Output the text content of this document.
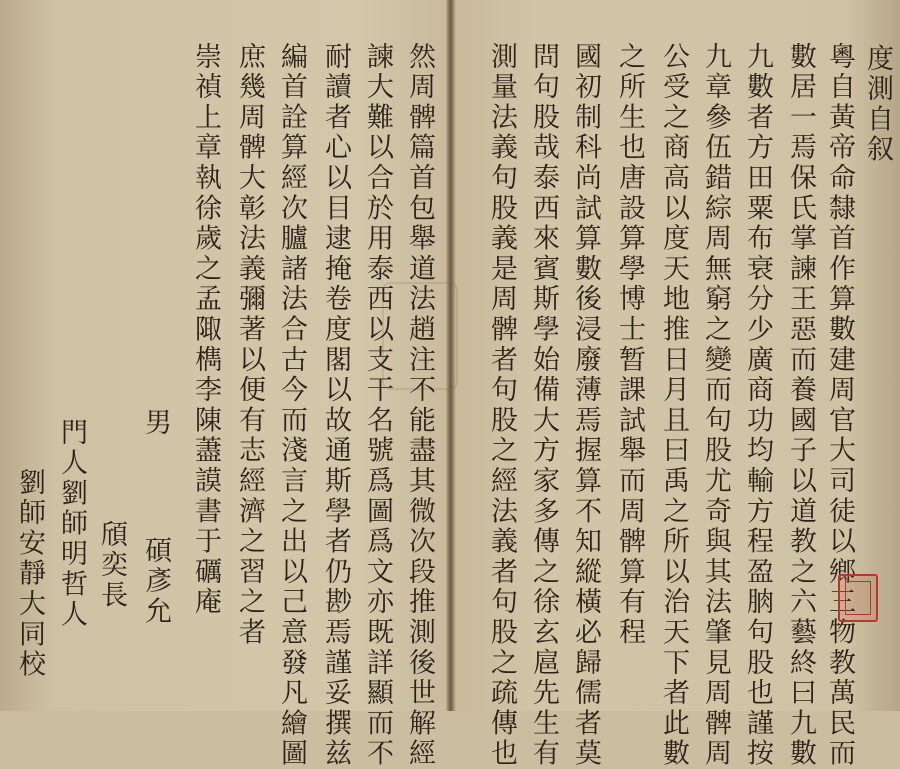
度測自叙
粵自黃帝命隸首作算數建周官大司徒以鄉三物教萬民而
數居一焉保氏掌諫王惡而養國子以道教之六藝終曰九數
九數者方田粟布衰分少廣商功均輸方程盈朒句股也謹按
九章參伍錯綜周無窮之變而句股尤奇與其法肇見周髀周
公受之商高以度天地推日月且曰禹之所以治天下者此數
之所生也唐設算學博士暂課試舉而周髀算有程
國初制科尚試算數後浸廢薄焉握算不知縱橫必歸儒者莫
問句股哉泰西來賓斯學始備大方家多傳之徐玄扈先生有
測量法義句股義是周髀者句股之經法義者句股之疏傳也
然周髀篇首包舉道法趙注不能盡其微次段推測後世解經
諫大難以合於用泰西以支干名號爲圖爲文亦既詳顯而不
耐讀者心以目逮掩卷度閣以故通斯學者仍尠焉謹妥撰兹
編首詮算經次臚諸法合古今而淺言之出以己意發凡繪圖
庶幾周髀大彰法義彌著以便有志經濟之習之者
崇禎上章執徐歲之孟陬檇李陳藎謨書于礪庵
男
碩彥允
頎奕長
門人劉師明哲人
劉師安靜大同校
